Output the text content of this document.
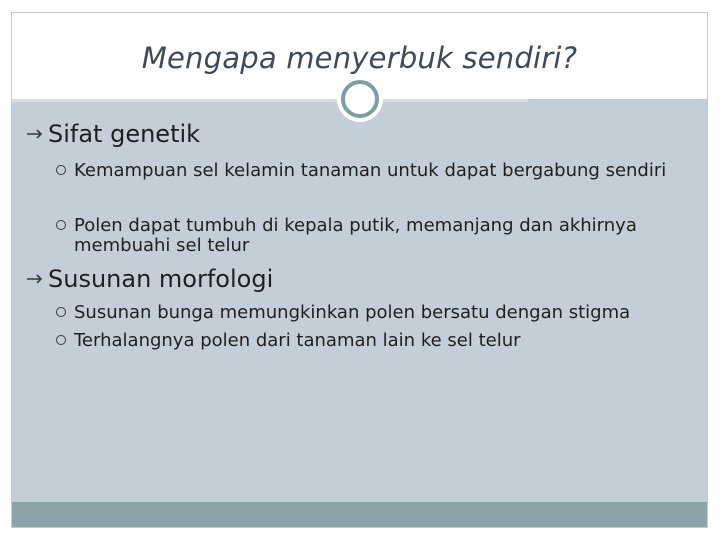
Mengapa menyerbuk sendiri?
Sifat genetik
Kemampuan sel kelamin tanaman untuk dapat bergabung sendiri
Polen dapat tumbuh di kepala putik, memanjang dan akhirnya membuahi sel telur
Susunan morfologi
Susunan bunga memungkinkan polen bersatu dengan stigma
Terhalangnya polen dari tanaman lain ke sel telur
